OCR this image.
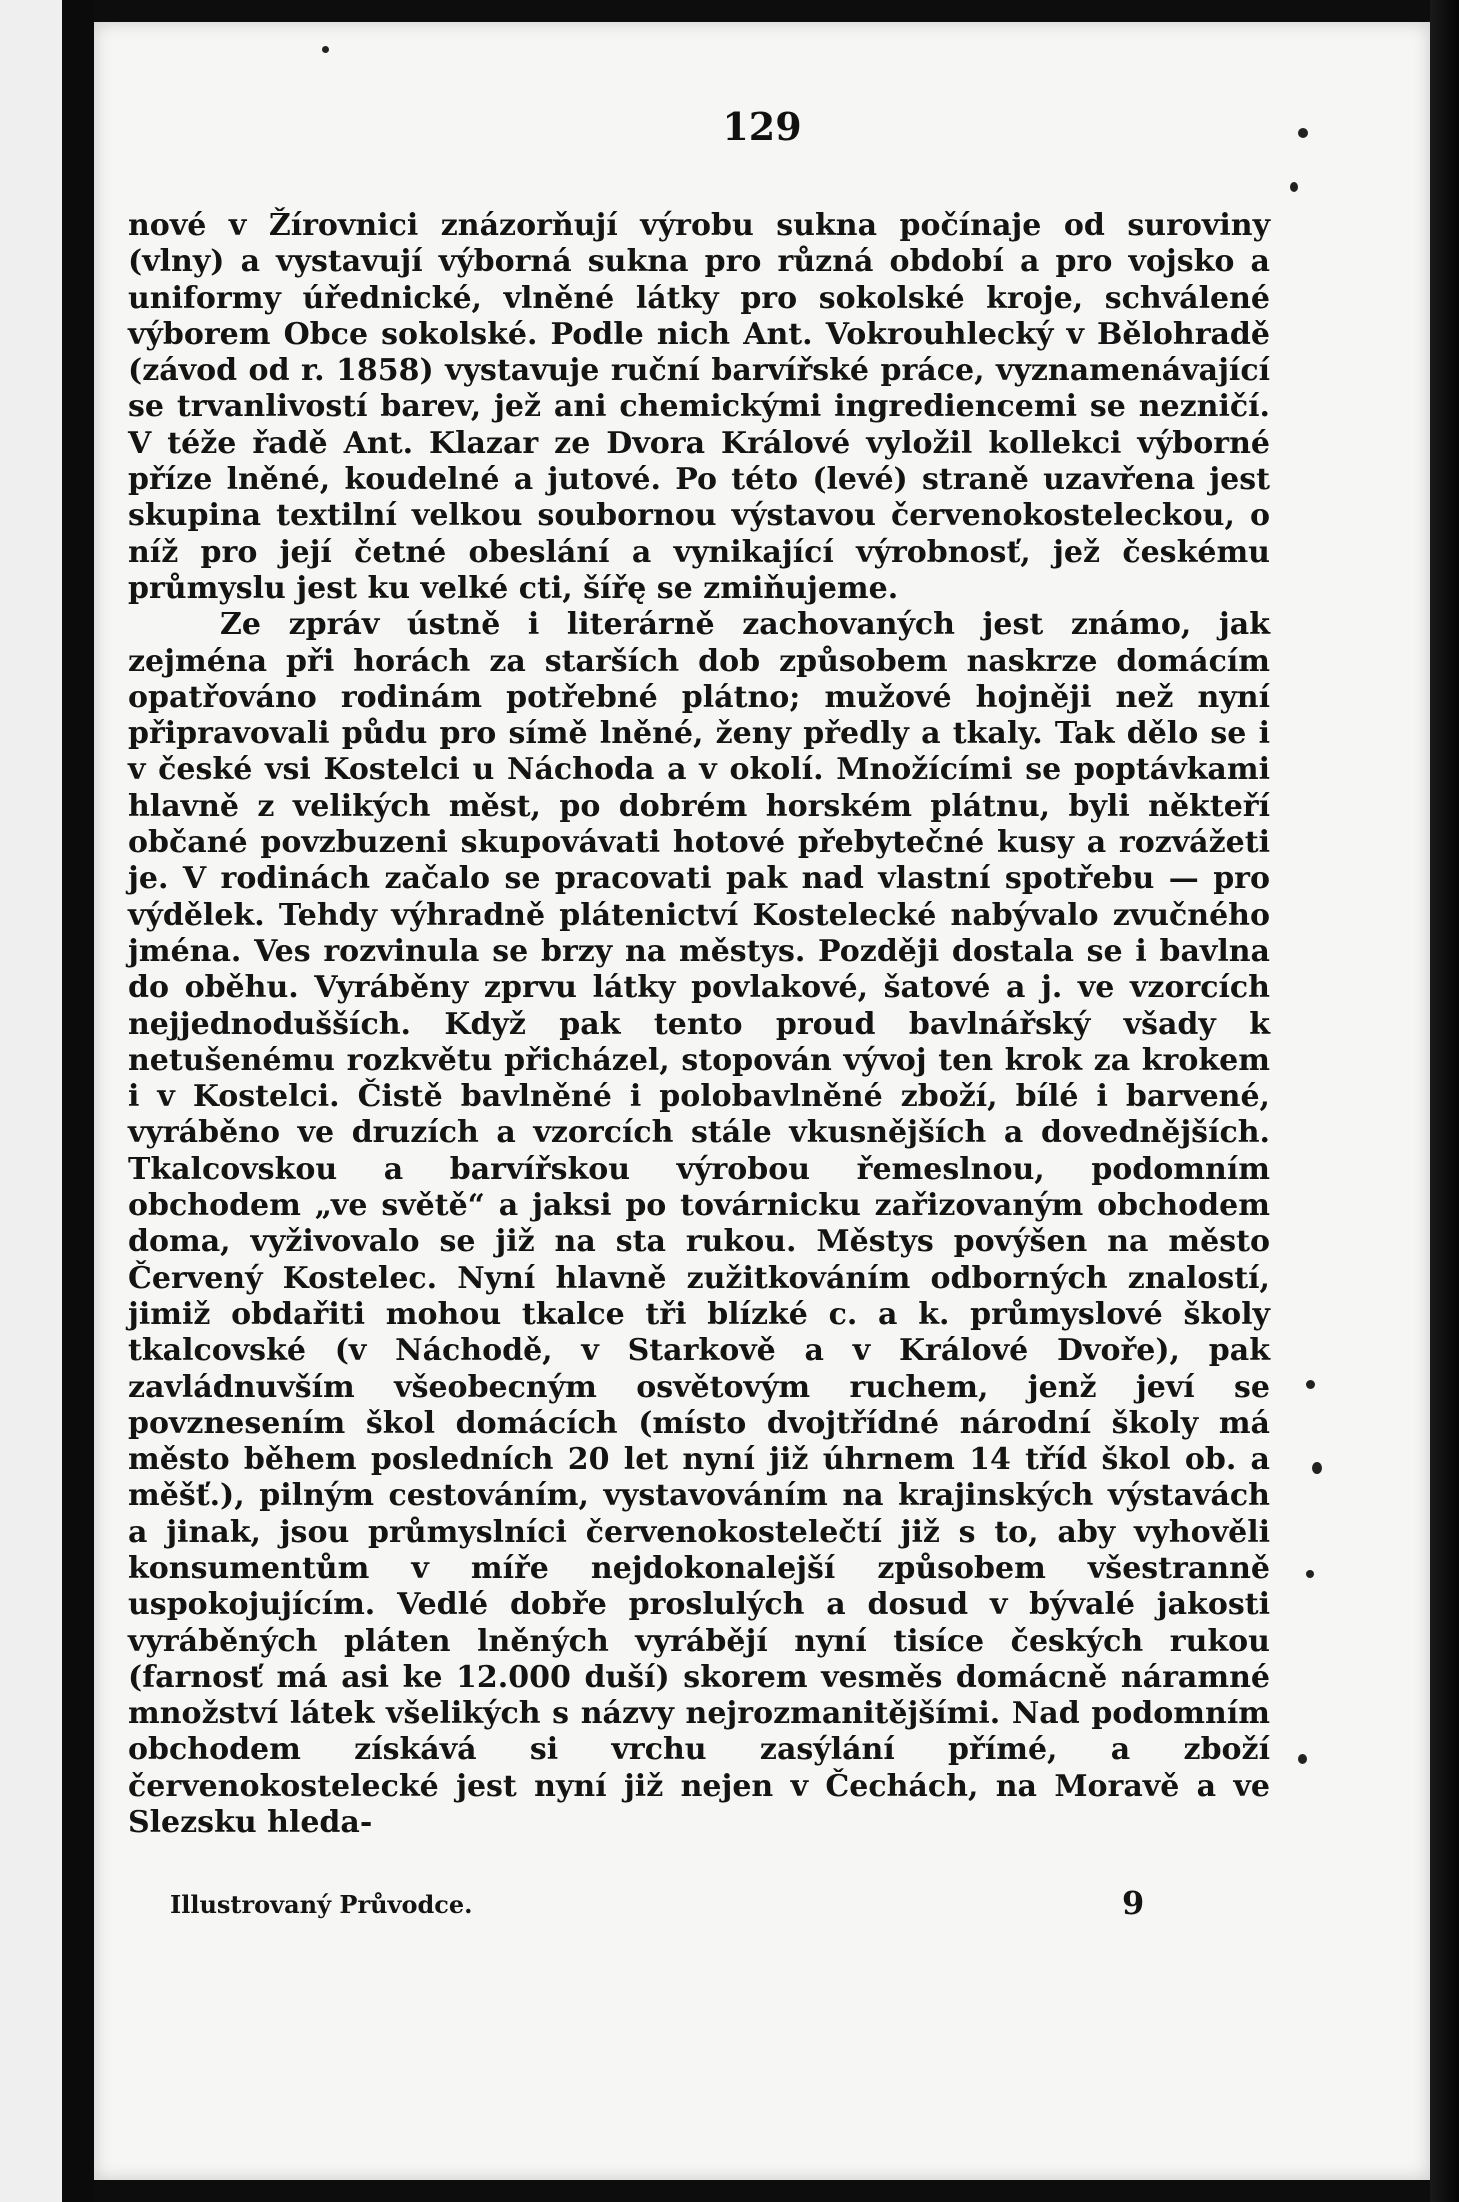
129

nové v Žírovnici znázorňují výrobu sukna počínaje od suroviny (vlny) a vystavují výborná sukna pro různá období a pro vojsko a uniformy úřednické, vlněné látky pro sokolské kroje, schválené výborem Obce sokolské. Podle nich Ant. Vokrouhlecký v Bělohradě (závod od r. 1858) vystavuje ruční barvířské práce, vyznamenávající se trvanlivostí barev, jež ani chemickými ingrediencemi se nezničí. V téže řadě Ant. Klazar ze Dvora Králové vyložil kollekci výborné příze lněné, koudelné a jutové. Po této (levé) straně uzavřena jest skupina textilní velkou soubornou výstavou červenokosteleckou, o níž pro její četné obeslání a vynikající výrobnosť, jež českému průmyslu jest ku velké cti, šířę se zmiňujeme.

Ze zpráv ústně i literárně zachovaných jest známo, jak zejména při horách za starších dob způsobem naskrze domácím opatřováno rodinám potřebné plátno; mužové hojněji než nyní připravovali půdu pro símě lněné, ženy předly a tkaly. Tak dělo se i v české vsi Kostelci u Náchoda a v okolí. Množícími se poptávkami hlavně z velikých měst, po dobrém horském plátnu, byli někteří občané povzbuzeni skupovávati hotové přebytečné kusy a rozvážeti je. V rodinách začalo se pracovati pak nad vlastní spotřebu — pro výdělek. Tehdy výhradně plátenictví Kostelecké nabývalo zvučného jména. Ves rozvinula se brzy na městys. Později dostala se i bavlna do oběhu. Vyráběny zprvu látky povlakové, šatové a j. ve vzorcích nejjednodušších. Když pak tento proud bavlnářský všady k netušenému rozkvětu přicházel, stopován vývoj ten krok za krokem i v Kostelci. Čistě bavlněné i polobavlněné zboží, bílé i barvené, vyráběno ve druzích a vzorcích stále vkusnějších a dovednějších. Tkalcovskou a barvířskou výrobou řemeslnou, podomním obchodem „ve světě“ a jaksi po továrnicku zařizovaným obchodem doma, vyživovalo se již na sta rukou. Městys povýšen na město Červený Kostelec. Nyní hlavně zužitkováním odborných znalostí, jimiž obdařiti mohou tkalce tři blízké c. a k. průmyslové školy tkalcovské (v Náchodě, v Starkově a v Králové Dvoře), pak zavládnuvším všeobecným osvětovým ruchem, jenž jeví se povznesením škol domácích (místo dvojtřídné národní školy má město během posledních 20 let nyní již úhrnem 14 tříd škol ob. a měšť.), pilným cestováním, vystavováním na krajinských výstavách a jinak, jsou průmyslníci červenokostelečtí již s to, aby vyhověli konsumentům v míře nejdokonalejší způsobem všestranně uspokojujícím. Vedlé dobře proslulých a dosud v bývalé jakosti vyráběných pláten lněných vyrábějí nyní tisíce českých rukou (farnosť má asi ke 12.000 duší) skorem vesměs domácně náramné množství látek všelikých s názvy nejrozmanitějšími. Nad podomním obchodem získává si vrchu zasýlání přímé, a zboží červenokostelecké jest nyní již nejen v Čechách, na Moravě a ve Slezsku hleda-

Illustrovaný Průvodce.	9
